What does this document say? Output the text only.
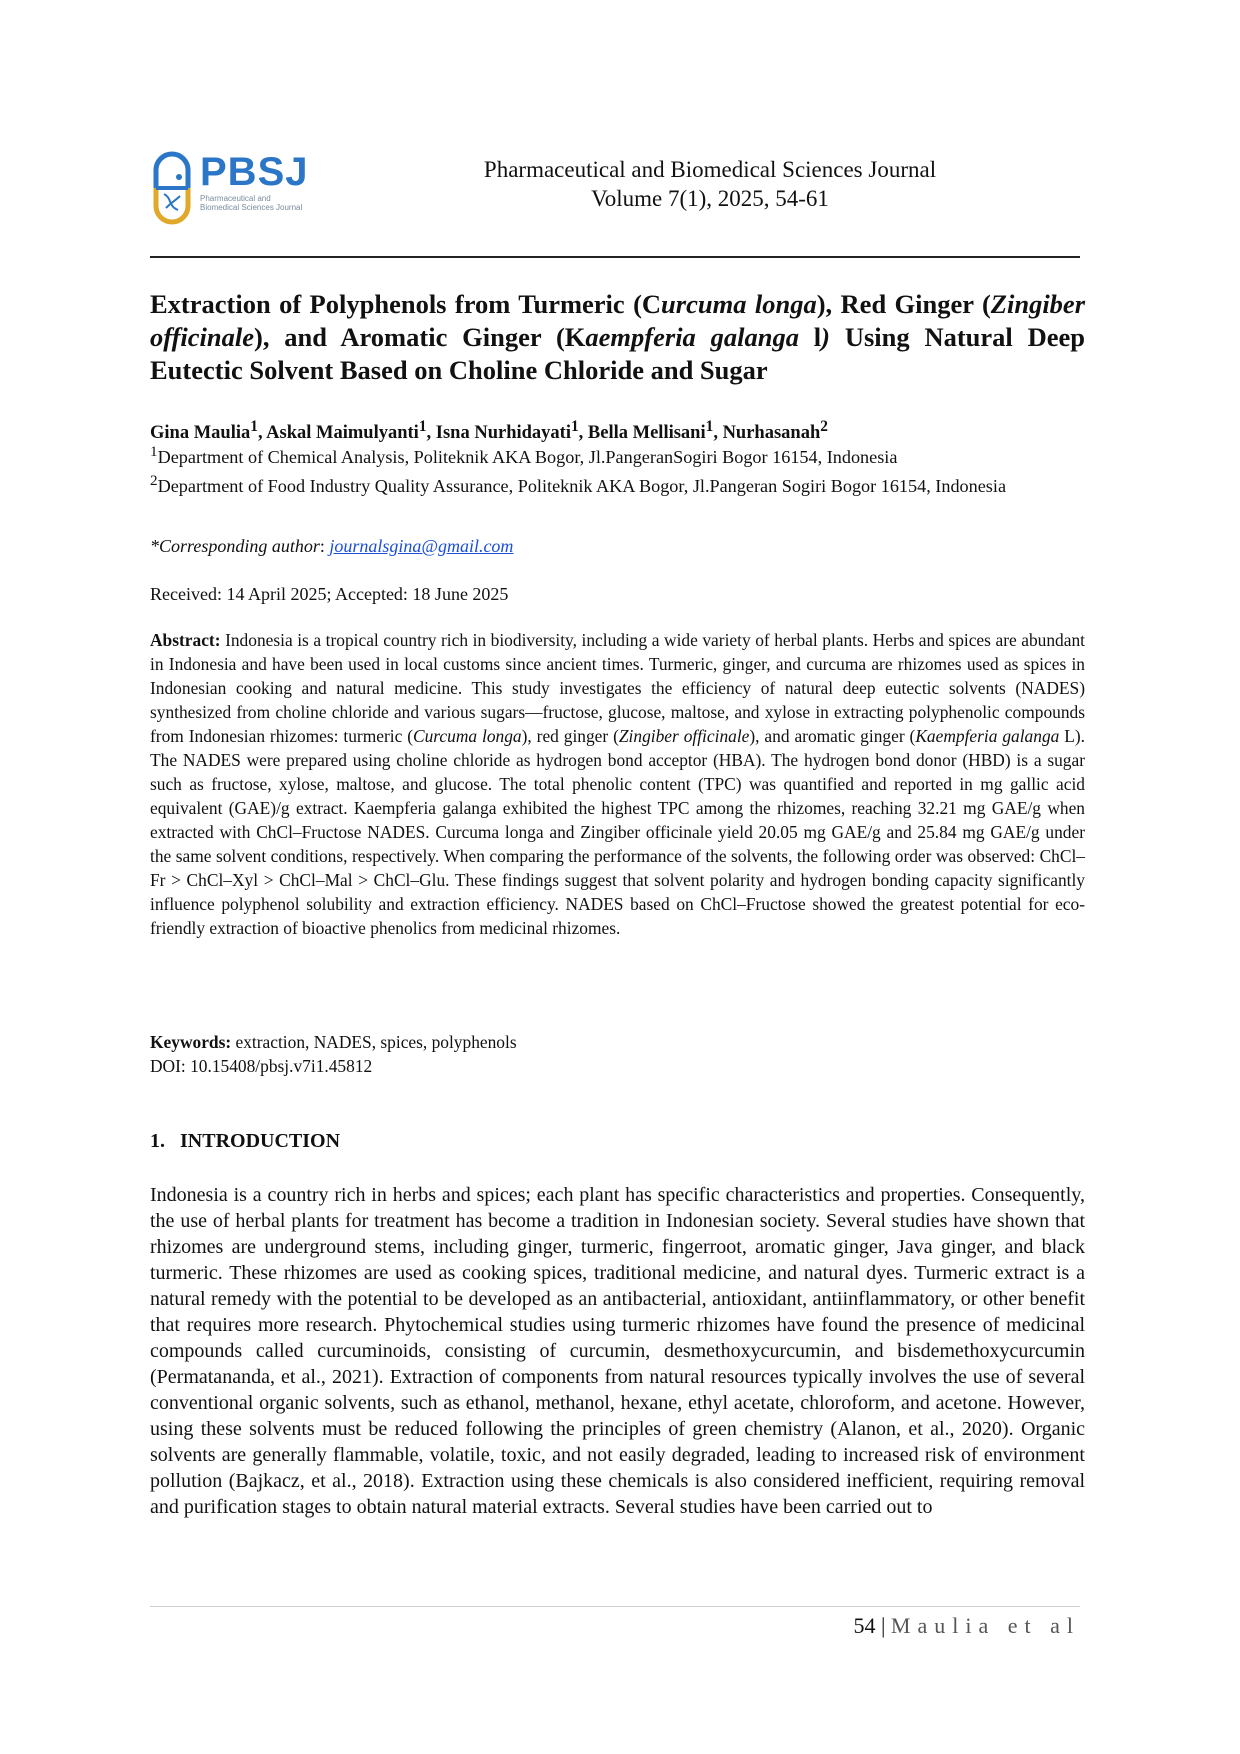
PBSJ
Pharmaceutical and Biomedical Sciences Journal
Pharmaceutical and Biomedical Sciences Journal
Volume 7(1), 2025, 54-61
Extraction of Polyphenols from Turmeric (Curcuma longa), Red Ginger (Zingiber officinale), and Aromatic Ginger (Kaempferia galanga l) Using Natural Deep Eutectic Solvent Based on Choline Chloride and Sugar
Gina Maulia$^1$, Askal Maimulyanti$^1$, Isna Nurhidayati$^1$, Bella Mellisani$^1$, Nurhasanah$^2$
$^1$Department of Chemical Analysis, Politeknik AKA Bogor, Jl.PangeranSogiri Bogor 16154, Indonesia
$^2$Department of Food Industry Quality Assurance, Politeknik AKA Bogor, Jl.Pangeran Sogiri Bogor 16154, Indonesia
*Corresponding author: journalsgina@gmail.com
Received: 14 April 2025; Accepted: 18 June 2025
Abstract: Indonesia is a tropical country rich in biodiversity, including a wide variety of herbal plants. Herbs and spices are abundant in Indonesia and have been used in local customs since ancient times. Turmeric, ginger, and curcuma are rhizomes used as spices in Indonesian cooking and natural medicine. This study investigates the efficiency of natural deep eutectic solvents (NADES) synthesized from choline chloride and various sugars—fructose, glucose, maltose, and xylose in extracting polyphenolic compounds from Indonesian rhizomes: turmeric (Curcuma longa), red ginger (Zingiber officinale), and aromatic ginger (Kaempferia galanga L). The NADES were prepared using choline chloride as hydrogen bond acceptor (HBA). The hydrogen bond donor (HBD) is a sugar such as fructose, xylose, maltose, and glucose. The total phenolic content (TPC) was quantified and reported in mg gallic acid equivalent (GAE)/g extract. Kaempferia galanga exhibited the highest TPC among the rhizomes, reaching 32.21 mg GAE/g when extracted with ChCl–Fructose NADES. Curcuma longa and Zingiber officinale yield 20.05 mg GAE/g and 25.84 mg GAE/g under the same solvent conditions, respectively. When comparing the performance of the solvents, the following order was observed: ChCl–Fr > ChCl–Xyl > ChCl–Mal > ChCl–Glu. These findings suggest that solvent polarity and hydrogen bonding capacity significantly influence polyphenol solubility and extraction efficiency. NADES based on ChCl–Fructose showed the greatest potential for eco-friendly extraction of bioactive phenolics from medicinal rhizomes.
Keywords: extraction, NADES, spices, polyphenols
DOI: 10.15408/pbsj.v7i1.45812
1.   INTRODUCTION
Indonesia is a country rich in herbs and spices; each plant has specific characteristics and properties. Consequently, the use of herbal plants for treatment has become a tradition in Indonesian society. Several studies have shown that rhizomes are underground stems, including ginger, turmeric, fingerroot, aromatic ginger, Java ginger, and black turmeric. These rhizomes are used as cooking spices, traditional medicine, and natural dyes. Turmeric extract is a natural remedy with the potential to be developed as an antibacterial, antioxidant, antiinflammatory, or other benefit that requires more research. Phytochemical studies using turmeric rhizomes have found the presence of medicinal compounds called curcuminoids, consisting of curcumin, desmethoxycurcumin, and bisdemethoxycurcumin (Permatananda, et al., 2021). Extraction of components from natural resources typically involves the use of several conventional organic solvents, such as ethanol, methanol, hexane, ethyl acetate, chloroform, and acetone. However, using these solvents must be reduced following the principles of green chemistry (Alanon, et al., 2020). Organic solvents are generally flammable, volatile, toxic, and not easily degraded, leading to increased risk of environment pollution (Bajkacz, et al., 2018). Extraction using these chemicals is also considered inefficient, requiring removal and purification stages to obtain natural material extracts. Several studies have been carried out to
54 | Maulia et al
